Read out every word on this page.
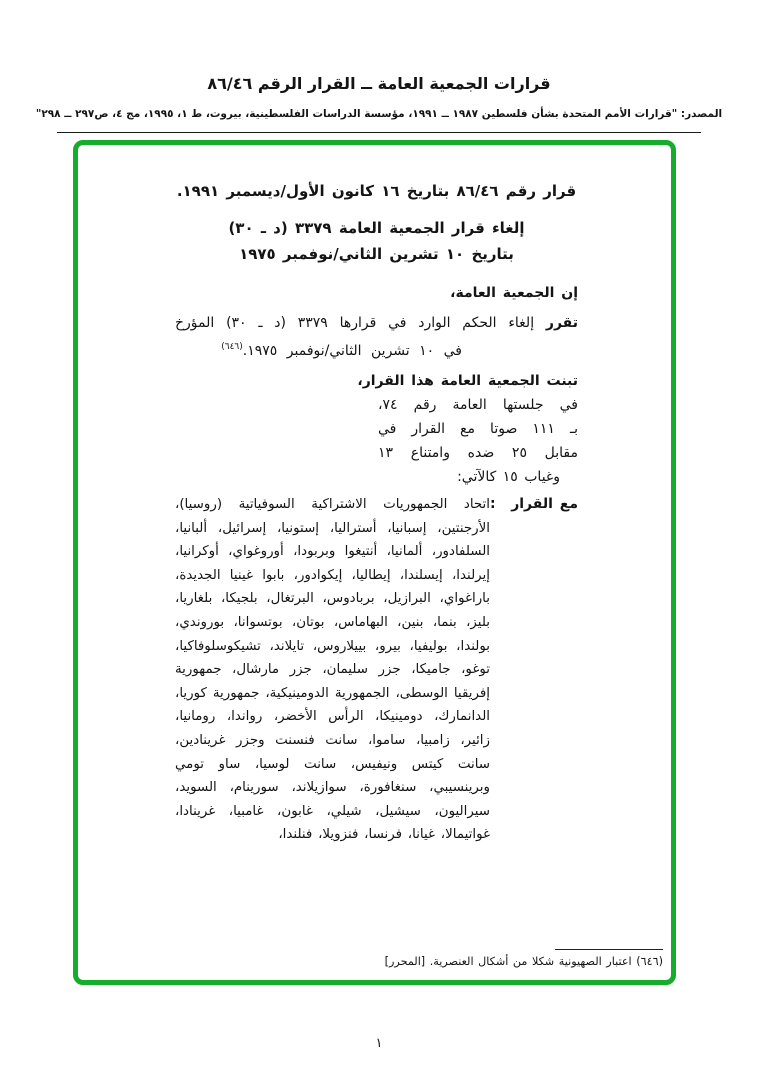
قرارات الجمعية العامة ــ القرار الرقم ٨٦/٤٦
المصدر: "قرارات الأمم المتحدة بشأن فلسطين ١٩٨٧ ــ ١٩٩١، مؤسسة الدراسات الفلسطينية، بيروت، ط ١، ١٩٩٥، مج ٤، ص٢٩٧ ــ ٢٩٨"
قرار رقم ٨٦/٤٦ بتاريخ ١٦ كانون الأول/ديسمبر ١٩٩١.
إلغاء قرار الجمعية العامة ٣٣٧٩ (د ـ ٣٠)
بتاريخ ١٠ تشرين الثاني/نوفمبر ١٩٧٥
إن الجمعية العامة،
تقرر إلغاء الحكم الوارد في قرارها ٣٣٧٩ (د ـ ٣٠) المؤرخ
في ١٠ تشرين الثاني/نوفمبر ١٩٧٥.$^{(٦٤٦)}$
تبنت الجمعية العامة هذا القرار،
في جلستها العامة رقم ٧٤،
بـ ١١١ صوتا مع القرار في
مقابل ٢٥ ضده وامتناع ١٣
وغياب ١٥ كالآتي:
مع القرار
:
اتحاد الجمهوريات الاشتراكية السوفياتية (روسيا)، الأرجنتين، إسبانيا، أستراليا، إستونيا، إسرائيل، ألبانيا، السلفادور، ألمانيا، أنتيغوا وبربودا، أوروغواي، أوكرانيا، إيرلندا، إيسلندا، إيطاليا، إيكوادور، بابوا غينيا الجديدة، باراغواي، البرازيل، بربادوس، البرتغال، بلجيكا، بلغاريا، بليز، بنما، بنين، البهاماس، بوتان، بوتسوانا، بوروندي، بولندا، بوليفيا، بيرو، بييلاروس، تايلاند، تشيكوسلوفاكيا، توغو، جاميكا، جزر سليمان، جزر مارشال، جمهورية إفريقيا الوسطى، الجمهورية الدومينيكية، جمهورية كوريا، الدانمارك، دومينيكا، الرأس الأخضر، رواندا، رومانيا، زائير، زامبيا، ساموا، سانت فنسنت وجزر غرينادين، سانت كيتس ونيفيس، سانت لوسيا، ساو تومي وبرينسيبي، سنغافورة، سوازيلاند، سورينام، السويد، سيراليون، سيشيل، شيلي، غابون، غامبيا، غرينادا، غواتيمالا، غيانا، فرنسا، فنزويلا، فنلندا،
(٦٤٦) اعتبار الصهيونية شكلا من أشكال العنصرية. [المحرر]
١
